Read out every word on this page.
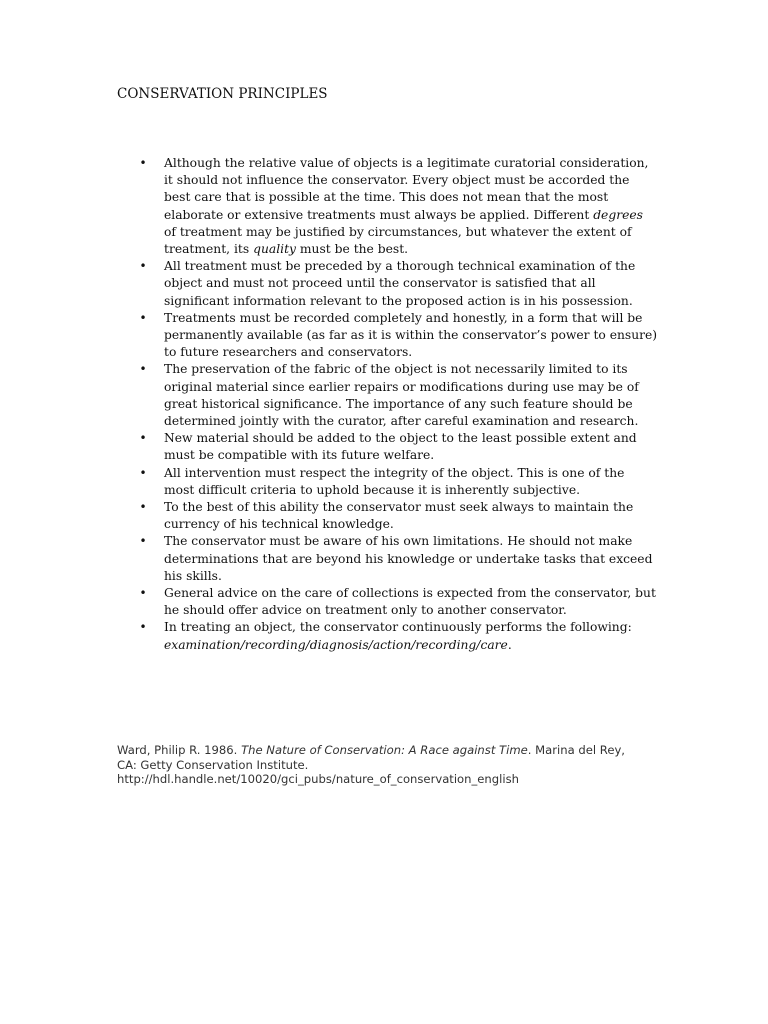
CONSERVATION PRINCIPLES
• Although the relative value of objects is a legitimate curatorial consideration, it should not influence the conservator. Every object must be accorded the best care that is possible at the time. This does not mean that the most elaborate or extensive treatments must always be applied. Different degrees of treatment may be justified by circumstances, but whatever the extent of treatment, its quality must be the best.
• All treatment must be preceded by a thorough technical examination of the object and must not proceed until the conservator is satisfied that all significant information relevant to the proposed action is in his possession.
• Treatments must be recorded completely and honestly, in a form that will be permanently available (as far as it is within the conservator’s power to ensure) to future researchers and conservators.
• The preservation of the fabric of the object is not necessarily limited to its original material since earlier repairs or modifications during use may be of great historical significance. The importance of any such feature should be determined jointly with the curator, after careful examination and research.
• New material should be added to the object to the least possible extent and must be compatible with its future welfare.
• All intervention must respect the integrity of the object. This is one of the most difficult criteria to uphold because it is inherently subjective.
• To the best of this ability the conservator must seek always to maintain the currency of his technical knowledge.
• The conservator must be aware of his own limitations. He should not make determinations that are beyond his knowledge or undertake tasks that exceed his skills.
• General advice on the care of collections is expected from the conservator, but he should offer advice on treatment only to another conservator.
• In treating an object, the conservator continuously performs the following: examination/recording/diagnosis/action/recording/care.
Ward, Philip R. 1986. The Nature of Conservation: A Race against Time. Marina del Rey,
CA: Getty Conservation Institute.
http://hdl.handle.net/10020/gci_pubs/nature_of_conservation_english
